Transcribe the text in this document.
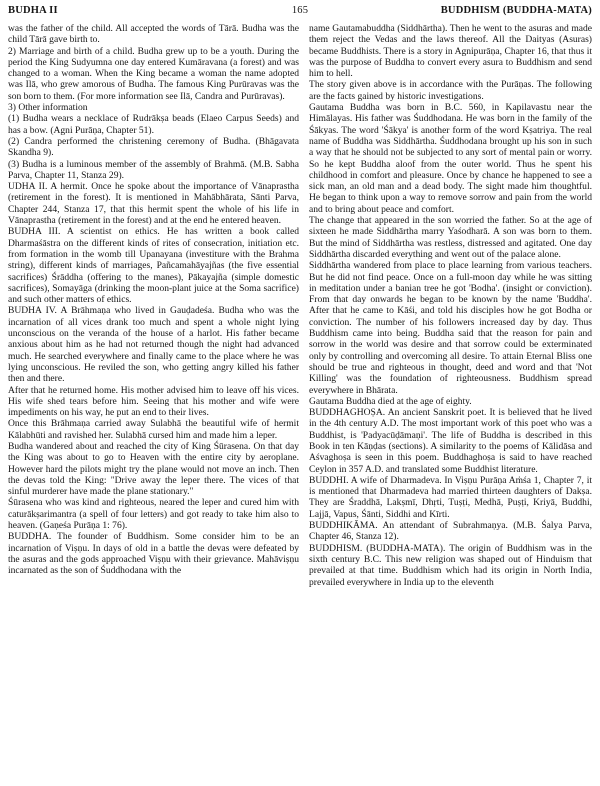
BUDHA II	165	BUDDHISM (BUDDHA-MATA)

was the father of the child. All accepted the words of Tārā. Budha was the child Tārā gave birth to.

2) Marriage and birth of a child. Budha grew up to be a youth. During the period the King Sudyumna one day entered Kumāravana (a forest) and was changed to a woman. When the King became a woman the name adopted was Ilā, who grew amorous of Budha. The famous King Purūravas was the son born to them. (For more information see Ilā, Candra and Purūravas).

3) Other information

(1) Budha wears a necklace of Rudrākṣa beads (Elaeo Carpus Seeds) and has a bow. (Agni Purāṇa, Chapter 51).

(2) Candra performed the christening ceremony of Budha. (Bhāgavata Skandha 9).

(3) Budha is a luminous member of the assembly of Brahmā. (M.B. Sabha Parva, Chapter 11, Stanza 29).

UDHA II. A hermit. Once he spoke about the importance of Vānaprastha (retirement in the forest). It is mentioned in Mahābhārata, Sānti Parva, Chapter 244, Stanza 17, that this hermit spent the whole of his life in Vānaprastha (retirement in the forest) and at the end he entered heaven.

BUDHA III. A scientist on ethics. He has written a book called Dharmaśāstra on the different kinds of rites of consecration, initiation etc. from formation in the womb till Upanayana (investiture with the Brahma string), different kinds of marriages, Pañcamahāyajñas (the five essential sacrifices) Śrāddha (offering to the manes), Pākayajña (simple domestic sacrifices), Somayāga (drinking the moon-plant juice at the Soma sacrifice) and such other matters of ethics.

BUDHA IV. A Brāhmaṇa who lived in Gauḍadeśa. Budha who was the incarnation of all vices drank too much and spent a whole night lying unconscious on the veranda of the house of a harlot. His father became anxious about him as he had not returned though the night had advanced much. He searched everywhere and finally came to the place where he was lying unconscious. He reviled the son, who getting angry killed his father then and there.

After that he returned home. His mother advised him to leave off his vices. His wife shed tears before him. Seeing that his mother and wife were impediments on his way, he put an end to their lives.

Once this Brāhmaṇa carried away Sulabhā the beautiful wife of hermit Kālabhūti and ravished her. Sulabhā cursed him and made him a leper.

Budha wandered about and reached the city of King Śūrasena. On that day the King was about to go to Heaven with the entire city by aeroplane. However hard the pilots might try the plane would not move an inch. Then the devas told the King: "Drive away the leper there. The vices of that sinful murderer have made the plane stationary."

Śūrasena who was kind and righteous, neared the leper and cured him with caturākṣarimantra (a spell of four letters) and got ready to take him also to heaven. (Gaṇeśa Purāṇa 1: 76).

BUDDHA. The founder of Buddhism. Some consider him to be an incarnation of Viṣṇu. In days of old in a battle the devas were defeated by the asuras and the gods approached Viṣṇu with their grievance. Mahāviṣṇu incarnated as the son of Śuddhodana with the

name Gautamabuddha (Siddhārtha). Then he went to the asuras and made them reject the Vedas and the laws thereof. All the Daityas (Asuras) became Buddhists. There is a story in Agnipurāṇa, Chapter 16, that thus it was the purpose of Buddha to convert every asura to Buddhism and send him to hell.

The story given above is in accordance with the Purāṇas. The following are the facts gained by historic investigations.

Gautama Buddha was born in B.C. 560, in Kapilavastu near the Himālayas. His father was Śuddhodana. He was born in the family of the Śākyas. The word 'Śākya' is another form of the word Kṣatriya. The real name of Buddha was Siddhārtha. Śuddhodana brought up his son in such a way that he should not be subjected to any sort of mental pain or worry. So he kept Buddha aloof from the outer world. Thus he spent his childhood in comfort and pleasure. Once by chance he happened to see a sick man, an old man and a dead body. The sight made him thoughtful. He began to think upon a way to remove sorrow and pain from the world and to bring about peace and comfort.

The change that appeared in the son worried the father. So at the age of sixteen he made Siddhārtha marry Yaśodharā. A son was born to them. But the mind of Siddhārtha was restless, distressed and agitated. One day Siddhārtha discarded everything and went out of the palace alone.

Siddhārtha wandered from place to place learning from various teachers. But he did not find peace. Once on a full-moon day while he was sitting in meditation under a banian tree he got 'Bodha'. (insight or conviction). From that day onwards he began to be known by the name 'Buddha'. After that he came to Kāśi, and told his disciples how he got Bodha or conviction. The number of his followers increased day by day. Thus Buddhism came into being. Buddha said that the reason for pain and sorrow in the world was desire and that sorrow could be exterminated only by controlling and overcoming all desire. To attain Eternal Bliss one should be true and righteous in thought, deed and word and that 'Not Killing' was the foundation of righteousness. Buddhism spread everywhere in Bhārata.

Gautama Buddha died at the age of eighty.

BUDDHAGHOṢA. An ancient Sanskrit poet. It is believed that he lived in the 4th century A.D. The most important work of this poet who was a Buddhist, is 'Padyacūḍāmaṇi'. The life of Buddha is described in this Book in ten Kāṇḍas (sections). A similarity to the poems of Kālidāsa and Aśvaghoṣa is seen in this poem. Buddhaghoṣa is said to have reached Ceylon in 357 A.D. and translated some Buddhist literature.

BUDDHI. A wife of Dharmadeva. In Viṣṇu Purāṇa Aṁśa 1, Chapter 7, it is mentioned that Dharmadeva had married thirteen daughters of Dakṣa. They are Śraddhā, Lakṣmī, Dhṛti, Tuṣṭi, Medhā, Puṣṭi, Kriyā, Buddhi, Lajjā, Vapus, Śānti, Siddhi and Kīrti.

BUDDHIKĀMA. An attendant of Subrahmaṇya. (M.B. Śalya Parva, Chapter 46, Stanza 12).

BUDDHISM. (BUDDHA-MATA). The origin of Buddhism was in the sixth century B.C. This new religion was shaped out of Hinduism that prevailed at that time. Buddhism which had its origin in North India, prevailed everywhere in India up to the eleventh
